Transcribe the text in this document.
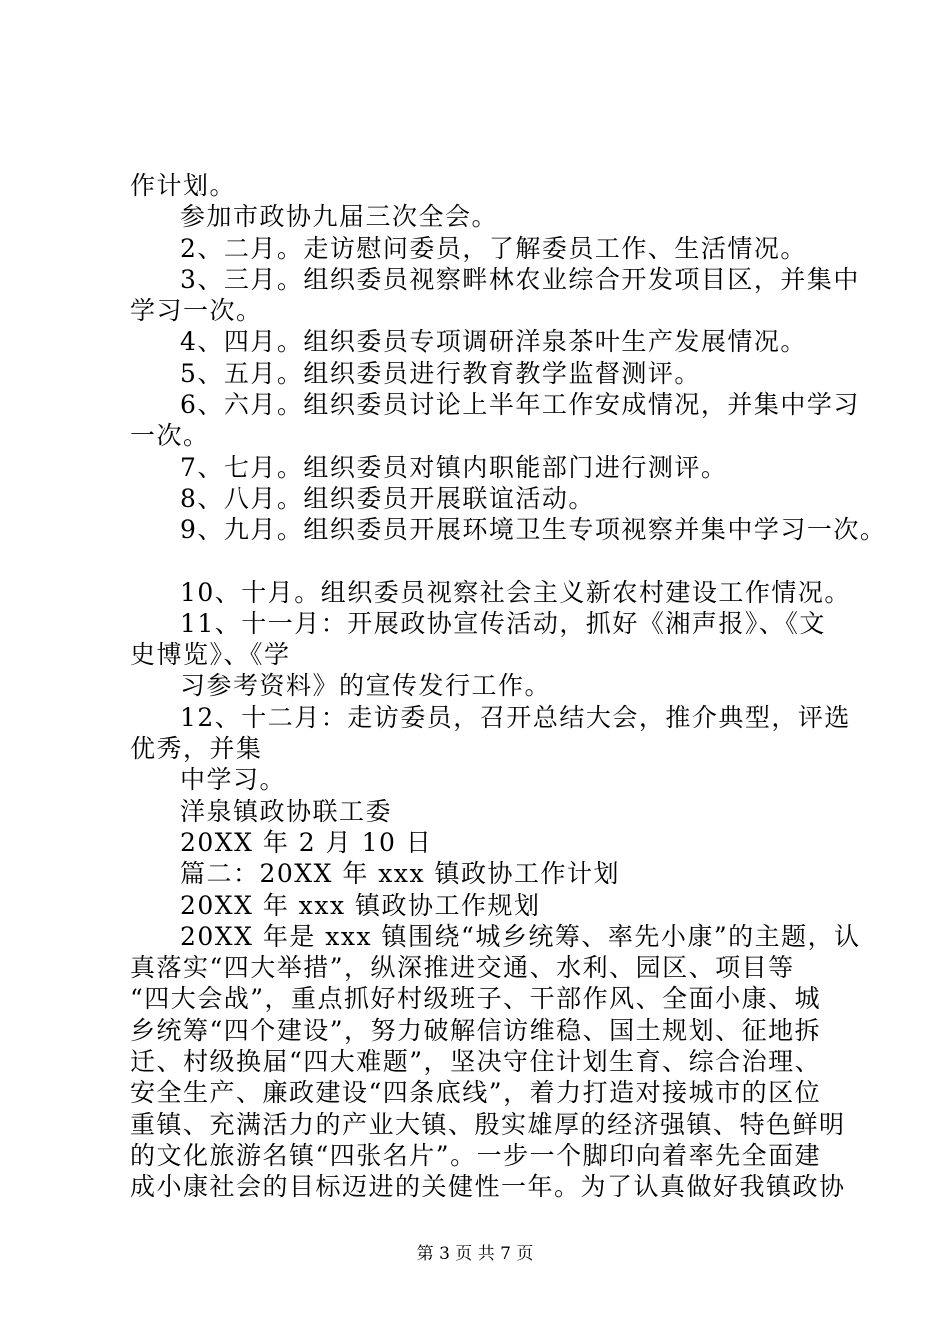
作计划。
参加市政协九届三次全会。
2、二月。走访慰问委员，了解委员工作、生活情况。
3、三月。组织委员视察畔林农业综合开发项目区，并集中
学习一次。
4、四月。组织委员专项调研洋泉茶叶生产发展情况。
5、五月。组织委员进行教育教学监督测评。
6、六月。组织委员讨论上半年工作安成情况，并集中学习
一次。
7、七月。组织委员对镇内职能部门进行测评。
8、八月。组织委员开展联谊活动。
9、九月。组织委员开展环境卫生专项视察并集中学习一次。
10、十月。组织委员视察社会主义新农村建设工作情况。
11、十一月：开展政协宣传活动，抓好《湘声报》、《文
史博览》、《学
习参考资料》的宣传发行工作。
12、十二月：走访委员，召开总结大会，推介典型，评选
优秀，并集
中学习。
洋泉镇政协联工委
20XX 年 2 月 10 日
篇二：20XX 年 xxx 镇政协工作计划
20XX 年 xxx 镇政协工作规划
20XX 年是 xxx 镇围绕“城乡统筹、率先小康”的主题，认
真落实“四大举措”，纵深推进交通、水利、园区、项目等
“四大会战”，重点抓好村级班子、干部作风、全面小康、城
乡统筹“四个建设”，努力破解信访维稳、国土规划、征地拆
迁、村级换届“四大难题”，坚决守住计划生育、综合治理、
安全生产、廉政建设“四条底线”，着力打造对接城市的区位
重镇、充满活力的产业大镇、殷实雄厚的经济强镇、特色鲜明
的文化旅游名镇“四张名片”。一步一个脚印向着率先全面建
成小康社会的目标迈进的关健性一年。为了认真做好我镇政协
第 3 页 共 7 页
